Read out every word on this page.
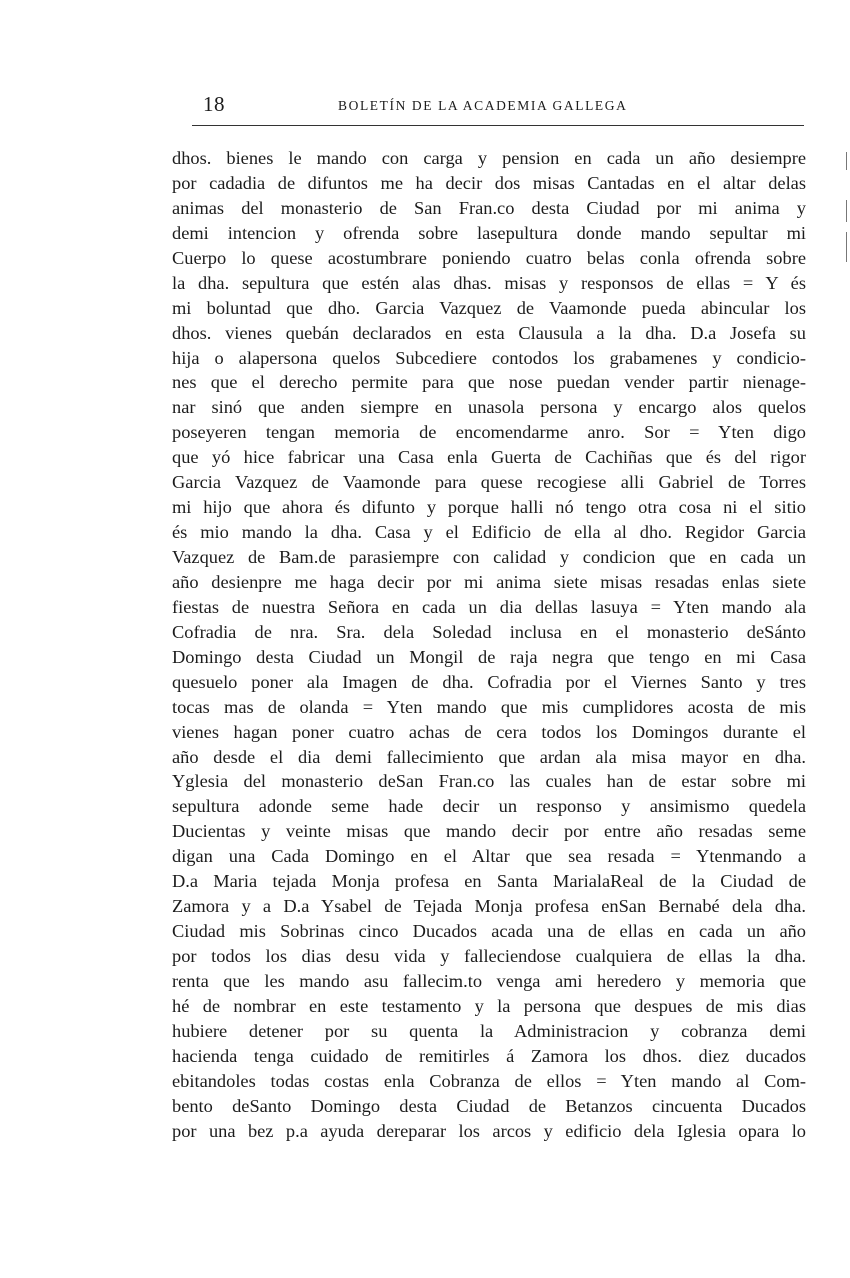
18	BOLETÍN DE LA ACADEMIA GALLEGA
dhos. bienes le mando con carga y pension en cada un año desiempre
por cadadia de difuntos me ha decir dos misas Cantadas en el altar delas
animas del monasterio de San Fran.co desta Ciudad por mi anima y
demi intencion y ofrenda sobre lasepultura donde mando sepultar mi
Cuerpo lo quese acostumbrare poniendo cuatro belas conla ofrenda sobre
la dha. sepultura que estén alas dhas. misas y responsos de ellas = Y és
mi boluntad que dho. Garcia Vazquez de Vaamonde pueda abincular los
dhos. vienes quebán declarados en esta Clausula a la dha. D.a Josefa su
hija o alapersona quelos Subcediere contodos los grabamenes y condicio-
nes que el derecho permite para que nose puedan vender partir nienage-
nar sinó que anden siempre en unasola persona y encargo alos quelos
poseyeren tengan memoria de encomendarme anro. Sor = Yten digo
que yó hice fabricar una Casa enla Guerta de Cachiñas que és del rigor
Garcia Vazquez de Vaamonde para quese recogiese alli Gabriel de Torres
mi hijo que ahora és difunto y porque halli nó tengo otra cosa ni el sitio
és mio mando la dha. Casa y el Edificio de ella al dho. Regidor Garcia
Vazquez de Bam.de parasiempre con calidad y condicion que en cada un
año desienpre me haga decir por mi anima siete misas resadas enlas siete
fiestas de nuestra Señora en cada un dia dellas lasuya = Yten mando ala
Cofradia de nra. Sra. dela Soledad inclusa en el monasterio deSánto
Domingo desta Ciudad un Mongil de raja negra que tengo en mi Casa
quesuelo poner ala Imagen de dha. Cofradia por el Viernes Santo y tres
tocas mas de olanda = Yten mando que mis cumplidores acosta de mis
vienes hagan poner cuatro achas de cera todos los Domingos durante el
año desde el dia demi fallecimiento que ardan ala misa mayor en dha.
Yglesia del monasterio deSan Fran.co las cuales han de estar sobre mi
sepultura adonde seme hade decir un responso y ansimismo quedela
Ducientas y veinte misas que mando decir por entre año resadas seme
digan una Cada Domingo en el Altar que sea resada = Ytenmando a
D.a Maria tejada Monja profesa en Santa MarialaReal de la Ciudad de
Zamora y a D.a Ysabel de Tejada Monja profesa enSan Bernabé dela dha.
Ciudad mis Sobrinas cinco Ducados acada una de ellas en cada un año
por todos los dias desu vida y falleciendose cualquiera de ellas la dha.
renta que les mando asu fallecim.to venga ami heredero y memoria que
hé de nombrar en este testamento y la persona que despues de mis dias
hubiere detener por su quenta la Administracion y cobranza demi
hacienda tenga cuidado de remitirles á Zamora los dhos. diez ducados
ebitandoles todas costas enla Cobranza de ellos = Yten mando al Com-
bento deSanto Domingo desta Ciudad de Betanzos cincuenta Ducados
por una bez p.a ayuda dereparar los arcos y edificio dela Iglesia opara lo
